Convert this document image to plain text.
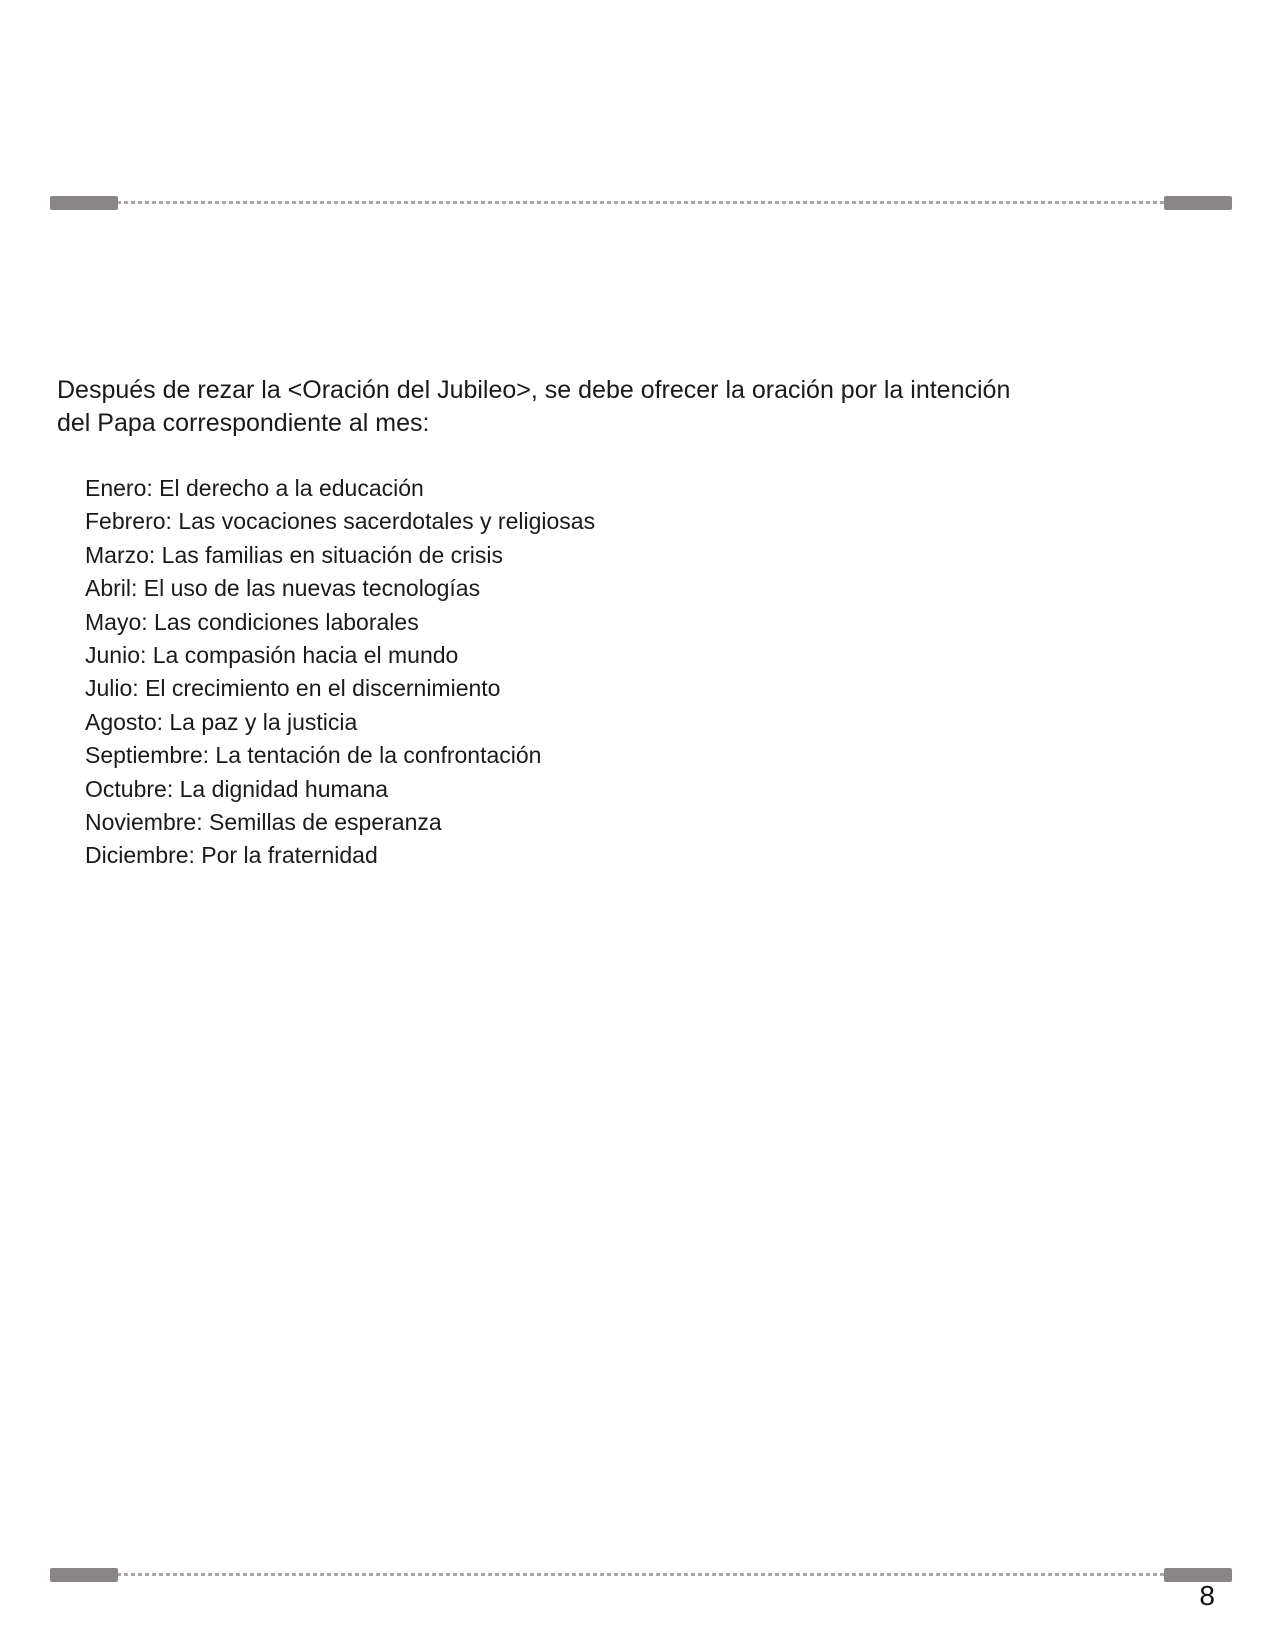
Después de rezar la <Oración del Jubileo>, se debe ofrecer la oración por la intención del Papa correspondiente al mes:

Enero: El derecho a la educación
Febrero: Las vocaciones sacerdotales y religiosas
Marzo: Las familias en situación de crisis
Abril: El uso de las nuevas tecnologías
Mayo: Las condiciones laborales
Junio: La compasión hacia el mundo
Julio: El crecimiento en el discernimiento
Agosto: La paz y la justicia
Septiembre: La tentación de la confrontación
Octubre: La dignidad humana
Noviembre: Semillas de esperanza
Diciembre: Por la fraternidad
8
